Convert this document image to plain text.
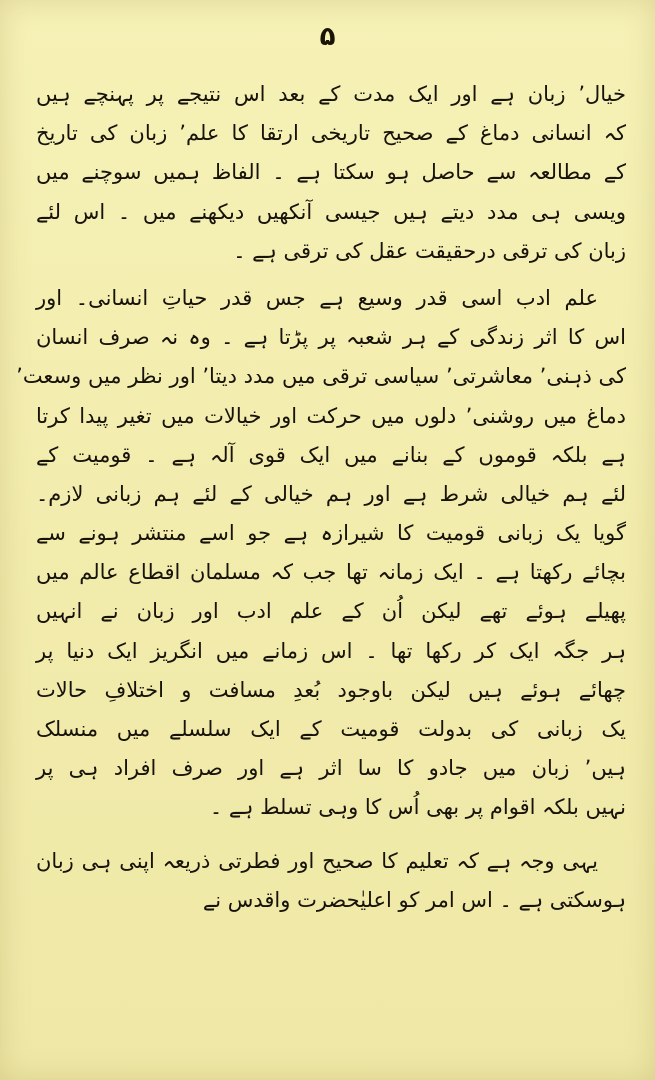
۵
خیال٬ زبان ہے اور ایک مدت کے بعد اس نتیجے پر پہنچے ہیں
کہ انسانی دماغ کے صحیح تاریخی ارتقا کا علم٬ زبان کی تاریخ
کے مطالعہ سے حاصل ہو سکتا ہے ۔ الفاظ ہمیں سوچنے میں
ویسی ہی مدد دیتے ہیں جیسی آنکھیں دیکھنے میں ۔ اس لئے
زبان کی ترقی درحقیقت عقل کی ترقی ہے ۔
علم ادب اسی قدر وسیع ہے جس قدر حیاتِ انسانی۔ اور
اس کا اثر زندگی کے ہر شعبہ پر پڑتا ہے ۔ وہ نہ صرف انسان
کی ذہنی٬ معاشرتی٬ سیاسی ترقی میں مدد دیتا٬ اور نظر میں وسعت٬
دماغ میں روشنی٬ دلوں میں حرکت اور خیالات میں تغیر پیدا کرتا
ہے بلکہ قوموں کے بنانے میں ایک قوی آلہ ہے ۔ قومیت کے
لئے ہم خیالی شرط ہے اور ہم خیالی کے لئے ہم زبانی لازم۔
گویا یک زبانی قومیت کا شیرازہ ہے جو اسے منتشر ہونے سے
بچائے رکھتا ہے ۔ ایک زمانہ تھا جب کہ مسلمان اقطاع عالم میں
پھیلے ہوئے تھے لیکن اُن کے علم ادب اور زبان نے انہیں
ہر جگہ ایک کر رکھا تھا ۔ اس زمانے میں انگریز ایک دنیا پر
چھائے ہوئے ہیں لیکن باوجود بُعدِ مسافت و اختلافِ حالات
یک زبانی کی بدولت قومیت کے ایک سلسلے میں منسلک
ہیں٬ زبان میں جادو کا سا اثر ہے اور صرف افراد ہی پر
نہیں بلکہ اقوام پر بھی اُس کا وہی تسلط ہے ۔
یہی وجہ ہے کہ تعلیم کا صحیح اور فطرتی ذریعہ اپنی ہی زبان
ہوسکتی ہے ۔ اس امر کو اعلیٰحضرت واقدس نے
